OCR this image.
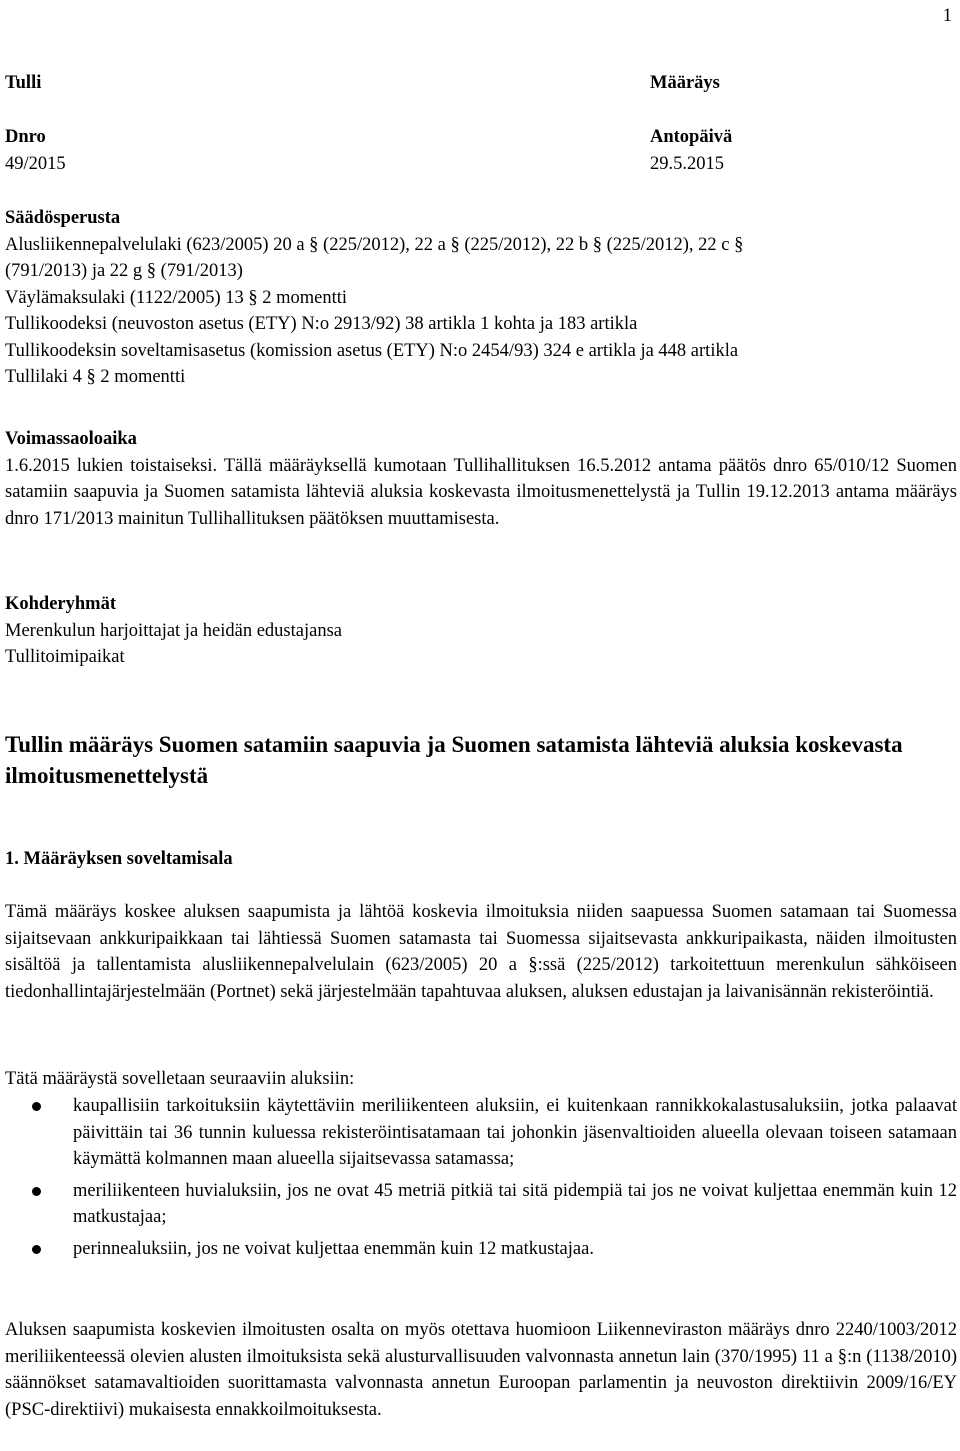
1
Tulli	Määräys
Dnro	Antopäivä
49/2015	29.5.2015
Säädösperusta
Alusliikennepalvelulaki (623/2005) 20 a § (225/2012), 22 a § (225/2012), 22 b § (225/2012), 22 c §
(791/2013) ja 22 g § (791/2013)
Väylämaksulaki (1122/2005) 13 § 2 momentti
Tullikoodeksi (neuvoston asetus (ETY) N:o 2913/92) 38 artikla 1 kohta ja 183 artikla
Tullikoodeksin soveltamisasetus (komission asetus (ETY) N:o 2454/93) 324 e artikla ja 448 artikla
Tullilaki 4 § 2 momentti
Voimassaoloaika
1.6.2015 lukien toistaiseksi. Tällä määräyksellä kumotaan Tullihallituksen 16.5.2012 antama päätös dnro 65/010/12 Suomen satamiin saapuvia ja Suomen satamista lähteviä aluksia koskevasta ilmoitusmenettelystä ja Tullin 19.12.2013 antama määräys dnro 171/2013 mainitun Tullihallituksen päätöksen muuttamisesta.
Kohderyhmät
Merenkulun harjoittajat ja heidän edustajansa
Tullitoimipaikat
Tullin määräys Suomen satamiin saapuvia ja Suomen satamista lähteviä aluksia koskevasta ilmoitusmenettelystä
1. Määräyksen soveltamisala
Tämä määräys koskee aluksen saapumista ja lähtöä koskevia ilmoituksia niiden saapuessa Suomen satamaan tai Suomessa sijaitsevaan ankkuripaikkaan tai lähtiessä Suomen satamasta tai Suomessa sijaitsevasta ankkuripaikasta, näiden ilmoitusten sisältöä ja tallentamista alusliikennepalvelulain (623/2005) 20 a §:ssä (225/2012) tarkoitettuun merenkulun sähköiseen tiedonhallintajärjestelmään (Portnet) sekä järjestelmään tapahtuvaa aluksen, aluksen edustajan ja laivanisännän rekisteröintiä.
Tätä määräystä sovelletaan seuraaviin aluksiin:
kaupallisiin tarkoituksiin käytettäviin meriliikenteen aluksiin, ei kuitenkaan rannikkokalastusaluksiin, jotka palaavat päivittäin tai 36 tunnin kuluessa rekisteröintisatamaan tai johonkin jäsenvaltioiden alueella olevaan toiseen satamaan käymättä kolmannen maan alueella sijaitsevassa satamassa;
meriliikenteen huvialuksiin, jos ne ovat 45 metriä pitkiä tai sitä pidempiä tai jos ne voivat kuljettaa enemmän kuin 12 matkustajaa;
perinnealuksiin, jos ne voivat kuljettaa enemmän kuin 12 matkustajaa.
Aluksen saapumista koskevien ilmoitusten osalta on myös otettava huomioon Liikenneviraston määräys dnro 2240/1003/2012 meriliikenteessä olevien alusten ilmoituksista sekä alusturvallisuuden valvonnasta annetun lain (370/1995) 11 a §:n (1138/2010) säännökset satamavaltioiden suorittamasta valvonnasta annetun Euroopan parlamentin ja neuvoston direktiivin 2009/16/EY (PSC-direktiivi) mukaisesta ennakkoilmoituksesta.
